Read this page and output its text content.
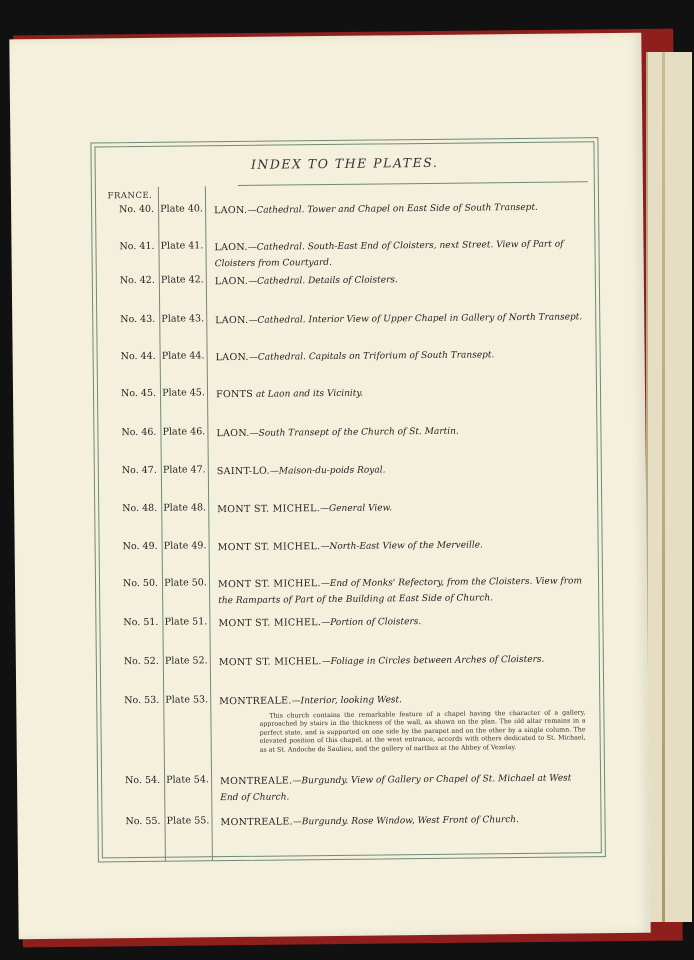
INDEX TO THE PLATES.
FRANCE.
No. 40. Plate 40. LAON.—Cathedral. Tower and Chapel on East Side of South Transept.
No. 41. Plate 41. LAON.—Cathedral. South-East End of Cloisters, next Street. View of Part of Cloisters from Courtyard.
No. 42. Plate 42. LAON.—Cathedral. Details of Cloisters.
No. 43. Plate 43. LAON.—Cathedral. Interior View of Upper Chapel in Gallery of North Transept.
No. 44. Plate 44. LAON.—Cathedral. Capitals on Triforium of South Transept.
No. 45. Plate 45. FONTS at Laon and its Vicinity.
No. 46. Plate 46. LAON.—South Transept of the Church of St. Martin.
No. 47. Plate 47. SAINT-LO.—Maison-du-poids Royal.
No. 48. Plate 48. MONT ST. MICHEL.—General View.
No. 49. Plate 49. MONT ST. MICHEL.—North-East View of the Merveille.
No. 50. Plate 50. MONT ST. MICHEL.—End of Monks' Refectory, from the Cloisters. View from the Ramparts of Part of the Building at East Side of Church.
No. 51. Plate 51. MONT ST. MICHEL.—Portion of Cloisters.
No. 52. Plate 52. MONT ST. MICHEL.—Foliage in Circles between Arches of Cloisters.
No. 53. Plate 53. MONTREALE.—Interior, looking West.
This church contains the remarkable feature of a chapel having the character of a gallery, approached by stairs in the thickness of the wall, as shown on the plan. The old altar remains in a perfect state, and is supported on one side by the parapet and on the other by a single column. The elevated position of this chapel, at the west entrance, accords with others dedicated to St. Michael, as at St. Andoche de Saulieu, and the gallery of narthex at the Abbey of Vezelay.
No. 54. Plate 54. MONTREALE.—Burgundy. View of Gallery or Chapel of St. Michael at West End of Church.
No. 55. Plate 55. MONTREALE.—Burgundy. Rose Window, West Front of Church.
